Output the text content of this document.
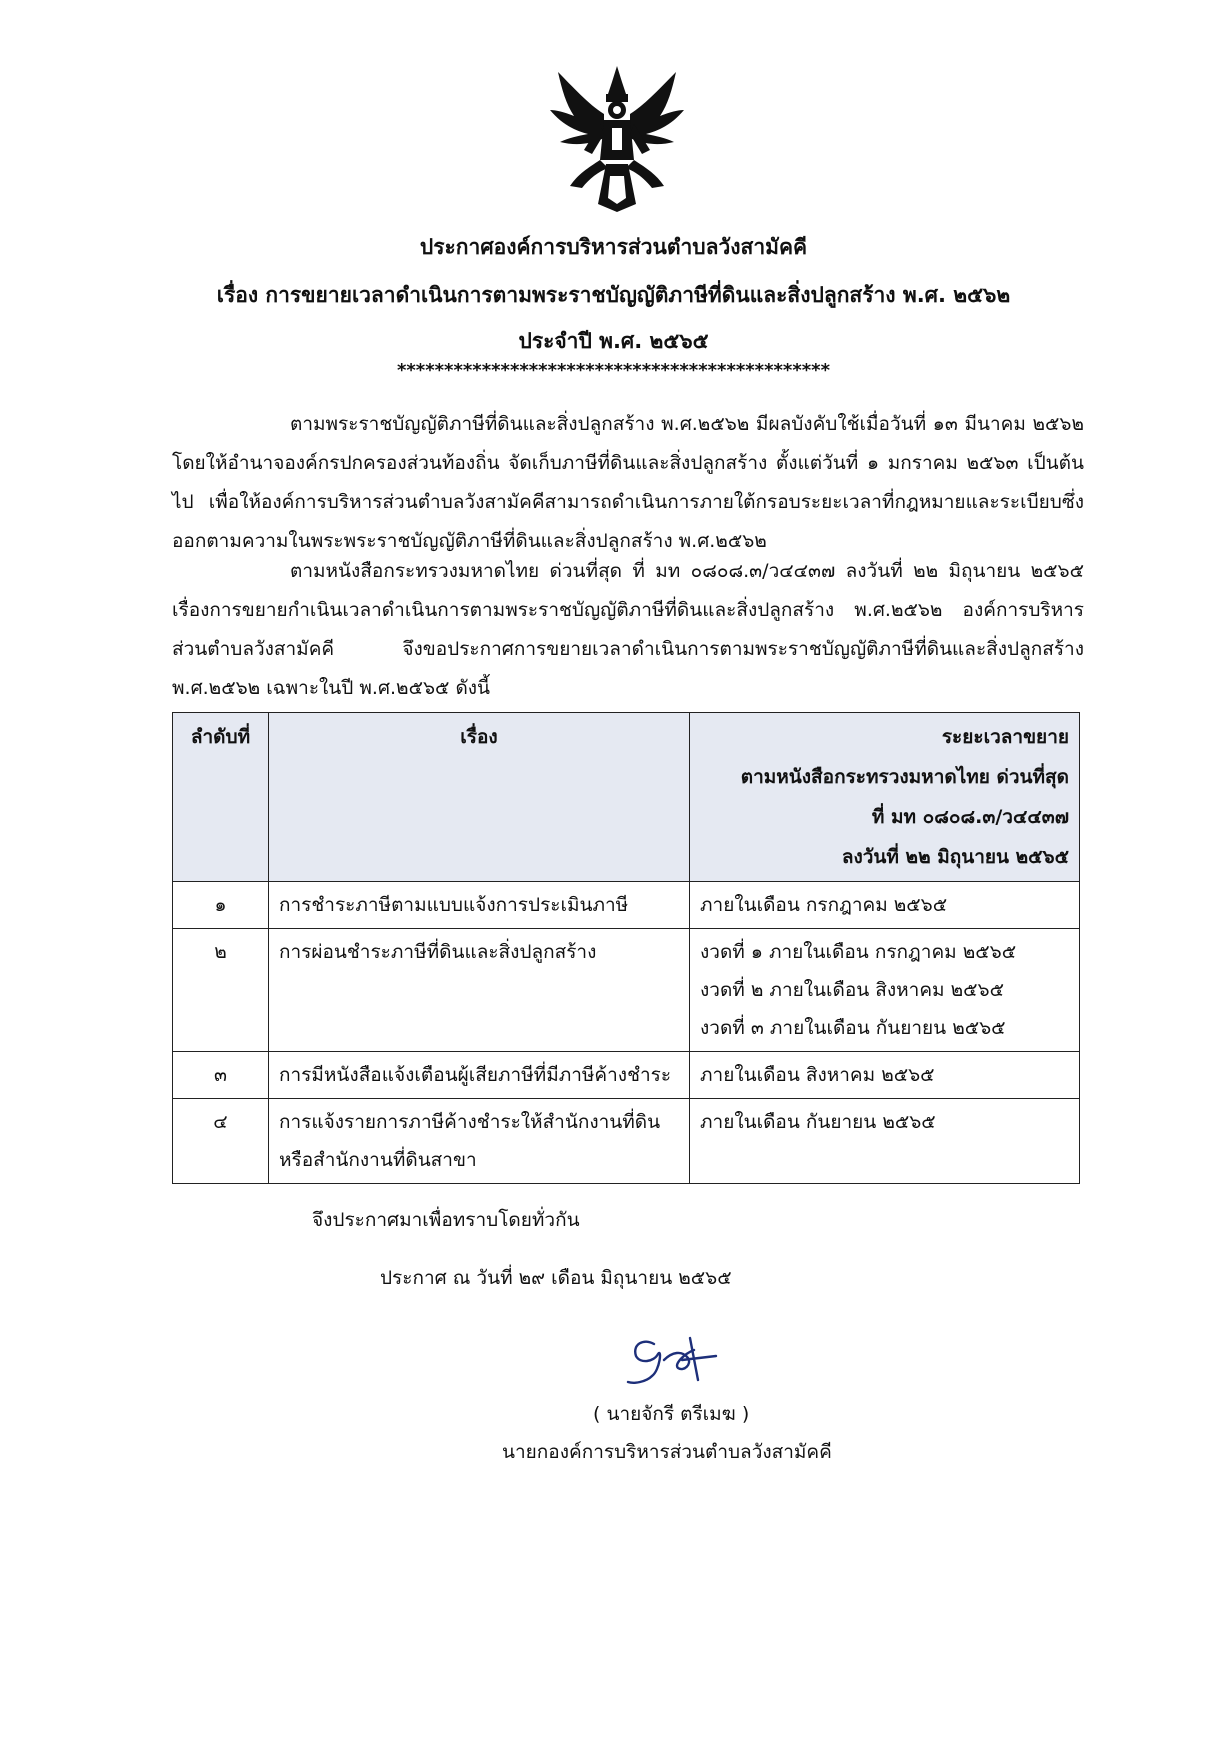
ประกาศองค์การบริหารส่วนตำบลวังสามัคคี
เรื่อง การขยายเวลาดำเนินการตามพระราชบัญญัติภาษีที่ดินและสิ่งปลูกสร้าง พ.ศ. ๒๕๖๒
ประจำปี พ.ศ. ๒๕๖๕
**********************************************
ตามพระราชบัญญัติภาษีที่ดินและสิ่งปลูกสร้าง พ.ศ.๒๕๖๒ มีผลบังคับใช้เมื่อวันที่ ๑๓ มีนาคม ๒๕๖๒ โดยให้อำนาจองค์กรปกครองส่วนท้องถิ่น จัดเก็บภาษีที่ดินและสิ่งปลูกสร้าง ตั้งแต่วันที่ ๑ มกราคม ๒๕๖๓ เป็นต้นไป เพื่อให้องค์การบริหารส่วนตำบลวังสามัคคีสามารถดำเนินการภายใต้กรอบระยะเวลาที่กฎหมายและระเบียบซึ่งออกตามความในพระพระราชบัญญัติภาษีที่ดินและสิ่งปลูกสร้าง พ.ศ.๒๕๖๒
ตามหนังสือกระทรวงมหาดไทย ด่วนที่สุด ที่ มท ๐๘๐๘.๓/ว๔๔๓๗ ลงวันที่ ๒๒ มิถุนายน ๒๕๖๕ เรื่องการขยายกำเนินเวลาดำเนินการตามพระราชบัญญัติภาษีที่ดินและสิ่งปลูกสร้าง พ.ศ.๒๕๖๒ องค์การบริหารส่วนตำบลวังสามัคคี จึงขอประกาศการขยายเวลาดำเนินการตามพระราชบัญญัติภาษีที่ดินและสิ่งปลูกสร้าง พ.ศ.๒๕๖๒ เฉพาะในปี พ.ศ.๒๕๖๕ ดังนี้
ลำดับที่	เรื่อง	ระยะเวลาขยาย
ตามหนังสือกระทรวงมหาดไทย ด่วนที่สุด
ที่ มท ๐๘๐๘.๓/ว๔๔๓๗
ลงวันที่ ๒๒ มิถุนายน ๒๕๖๕

๑	การชำระภาษีตามแบบแจ้งการประเมินภาษี	ภายในเดือน กรกฎาคม ๒๕๖๕

๒	การผ่อนชำระภาษีที่ดินและสิ่งปลูกสร้าง	งวดที่ ๑ ภายในเดือน กรกฎาคม ๒๕๖๕
งวดที่ ๒ ภายในเดือน สิงหาคม ๒๕๖๕
งวดที่ ๓ ภายในเดือน กันยายน ๒๕๖๕

๓	การมีหนังสือแจ้งเตือนผู้เสียภาษีที่มีภาษีค้างชำระ	ภายในเดือน สิงหาคม ๒๕๖๕

๔	การแจ้งรายการภาษีค้างชำระให้สำนักงานที่ดิน
หรือสำนักงานที่ดินสาขา	ภายในเดือน กันยายน ๒๕๖๕
จึงประกาศมาเพื่อทราบโดยทั่วกัน
ประกาศ ณ วันที่ ๒๙ เดือน มิถุนายน ๒๕๖๕
( นายจักรี ตรีเมฆ )
นายกองค์การบริหารส่วนตำบลวังสามัคคี
